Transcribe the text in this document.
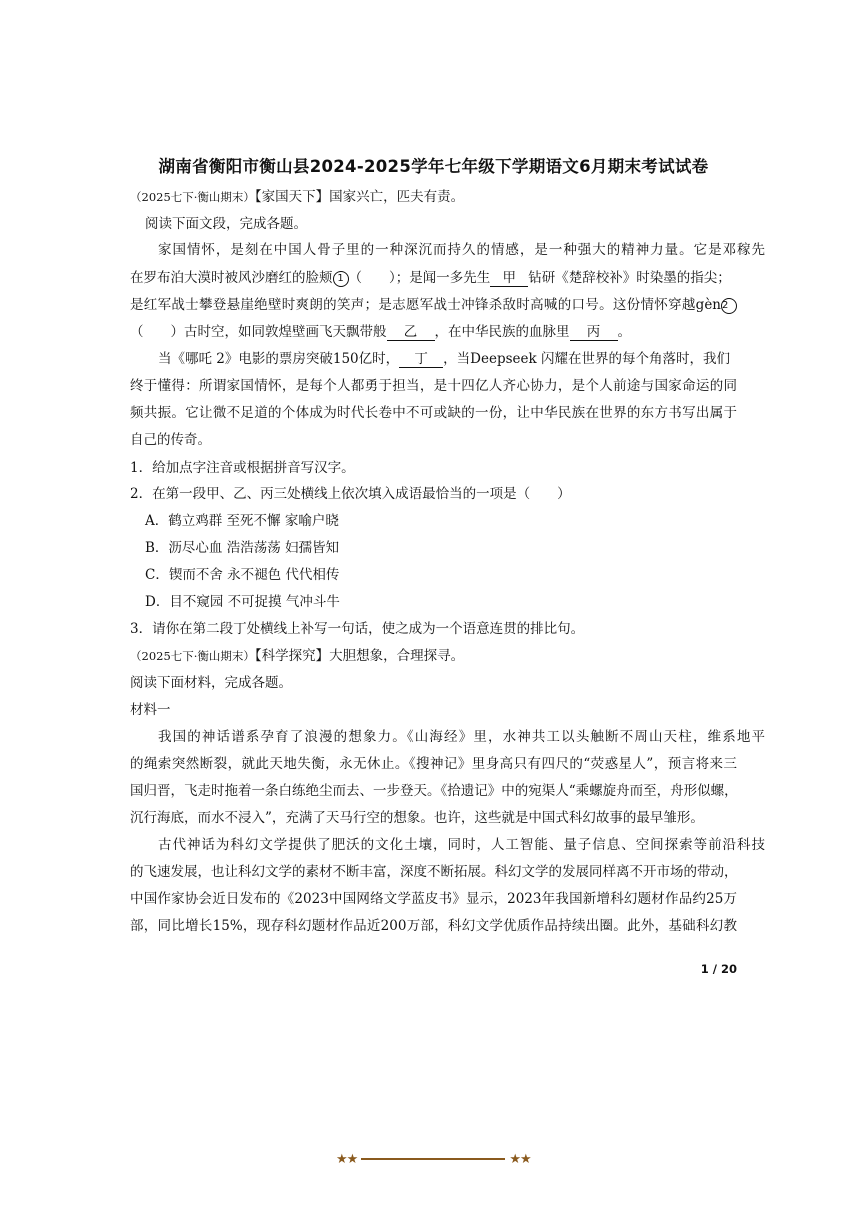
湖南省衡阳市衡山县2024-2025学年七年级下学期语文6月期末考试试卷
（2025七下·衡山期末）【家国天下】国家兴亡，匹夫有责。
阅读下面文段，完成各题。
家国情怀，是刻在中国人骨子里的一种深沉而持久的情感，是一种强大的精神力量。它是邓稼先
在罗布泊大漠时被风沙磨红的脸颊 1 （　　）；是闻一多先生 甲 钻研《楚辞校补》时染墨的指尖；
是红军战士攀登悬崖绝壁时爽朗的笑声；是志愿军战士冲锋杀敌时高喊的口号。这份情怀穿越gèn2
（　　）古时空，如同敦煌壁画飞天飘带般 乙 ，在中华民族的血脉里 丙 。
当《哪吒 2》电影的票房突破150亿时， 丁 ，当Deepseek 闪耀在世界的每个角落时，我们
终于懂得：所谓家国情怀，是每个人都勇于担当，是十四亿人齐心协力，是个人前途与国家命运的同
频共振。它让微不足道的个体成为时代长卷中不可或缺的一份，让中华民族在世界的东方书写出属于
自己的传奇。
1．给加点字注音或根据拼音写汉字。
2．在第一段甲、乙、丙三处横线上依次填入成语最恰当的一项是（　　）
A．鹤立鸡群 至死不懈 家喻户晓
B．沥尽心血 浩浩荡荡 妇孺皆知
C．锲而不舍 永不褪色 代代相传
D．目不窥园 不可捉摸 气冲斗牛
3．请你在第二段丁处横线上补写一句话，使之成为一个语意连贯的排比句。
（2025七下·衡山期末）【科学探究】大胆想象，合理探寻。
阅读下面材料，完成各题。
材料一
我国的神话谱系孕育了浪漫的想象力。《山海经》里，水神共工以头触断不周山天柱，维系地平
的绳索突然断裂，就此天地失衡，永无休止。《搜神记》里身高只有四尺的“荧惑星人”，预言将来三
国归晋，飞走时拖着一条白练绝尘而去、一步登天。《拾遗记》中的宛渠人“乘螺旋舟而至，舟形似螺，
沉行海底，而水不浸入”，充满了天马行空的想象。也许，这些就是中国式科幻故事的最早雏形。
古代神话为科幻文学提供了肥沃的文化土壤，同时，人工智能、量子信息、空间探索等前沿科技
的飞速发展，也让科幻文学的素材不断丰富，深度不断拓展。科幻文学的发展同样离不开市场的带动，
中国作家协会近日发布的《2023中国网络文学蓝皮书》显示，2023年我国新增科幻题材作品约25万
部，同比增长15%，现存科幻题材作品近200万部，科幻文学优质作品持续出圈。此外，基础科幻教
1 / 20
★★	★★
